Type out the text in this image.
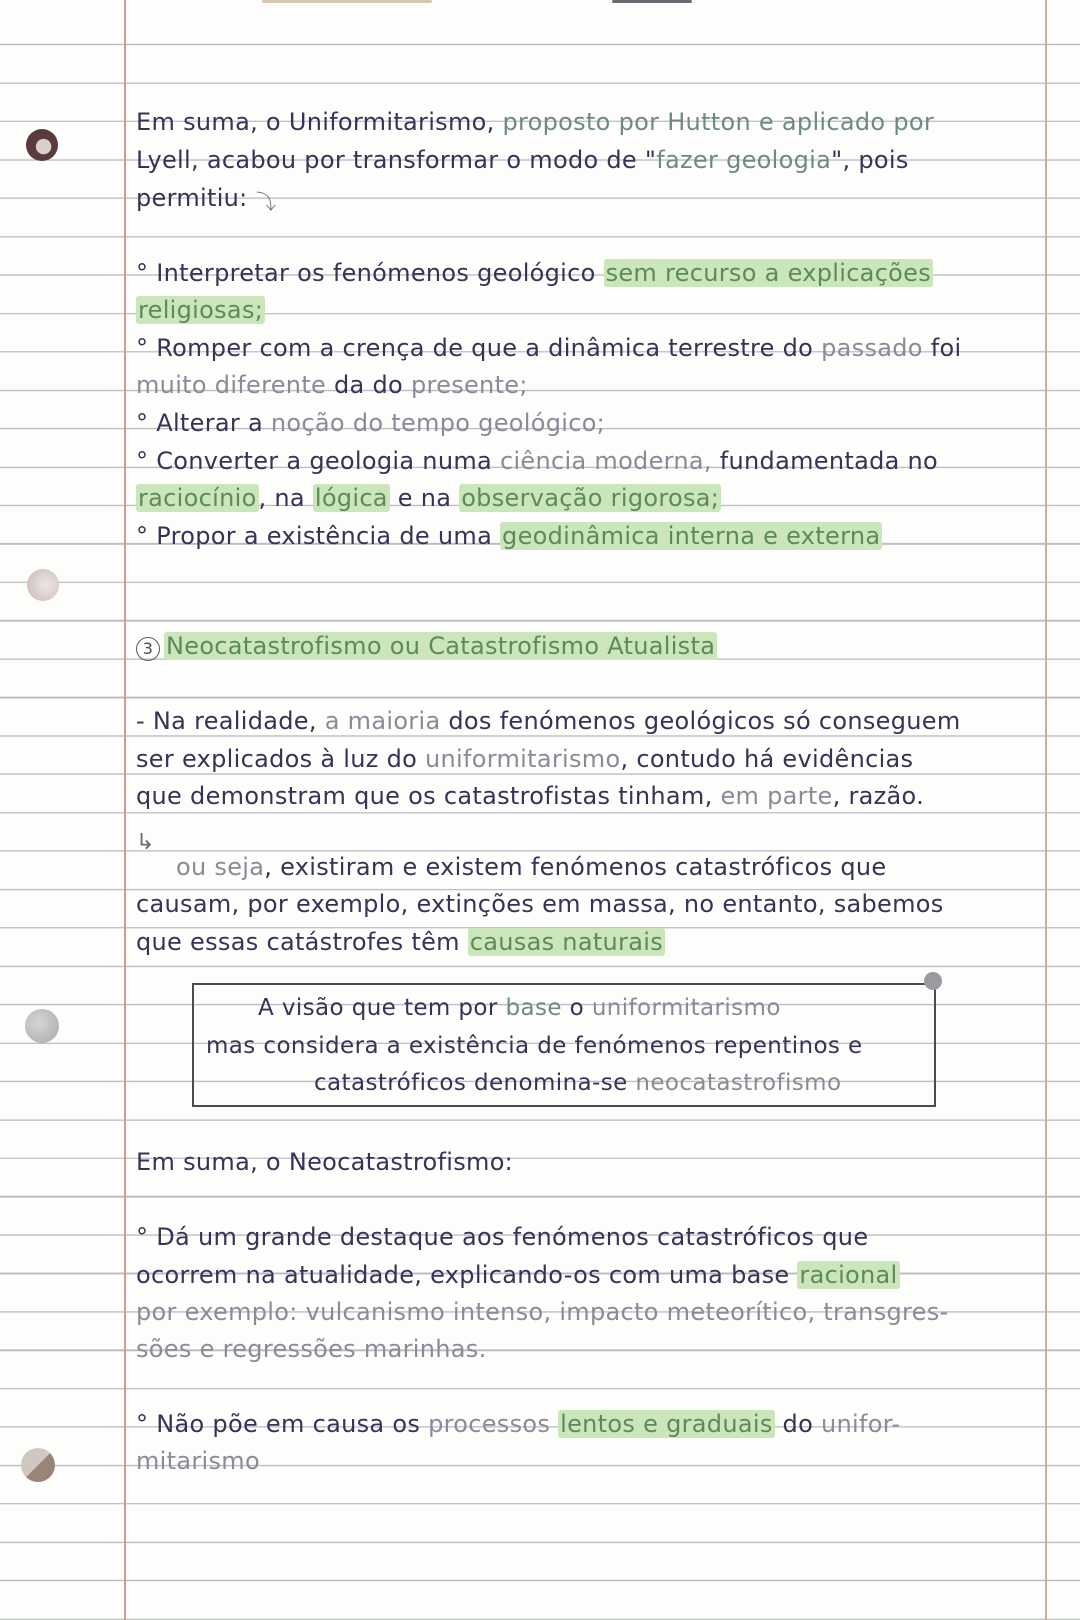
Em suma, o Uniformitarismo, proposto por Hutton e aplicado por
Lyell, acabou por transformar o modo de "fazer geologia", pois
permitiu: ⤵
° Interpretar os fenómenos geológico sem recurso a explicações
religiosas;
° Romper com a crença de que a dinâmica terrestre do passado foi
muito diferente da do presente;
° Alterar a noção do tempo geológico;
° Converter a geologia numa ciência moderna, fundamentada no
raciocínio, na lógica e na observação rigorosa;
° Propor a existência de uma geodinâmica interna e externa
3 Neocatastrofismo ou Catastrofismo Atualista
- Na realidade, a maioria dos fenómenos geológicos só conseguem
ser explicados à luz do uniformitarismo, contudo há evidências
que demonstram que os catastrofistas tinham, em parte, razão.
↳
ou seja, existiram e existem fenómenos catastróficos que
causam, por exemplo, extinções em massa, no entanto, sabemos
que essas catástrofes têm causas naturais
A visão que tem por base o uniformitarismo
mas considera a existência de fenómenos repentinos e
catastróficos denomina-se neocatastrofismo
Em suma, o Neocatastrofismo:
° Dá um grande destaque aos fenómenos catastróficos que
ocorrem na atualidade, explicando-os com uma base racional
por exemplo: vulcanismo intenso, impacto meteorítico, transgres-
sões e regressões marinhas.
° Não põe em causa os processos lentos e graduais do unifor-
mitarismo
